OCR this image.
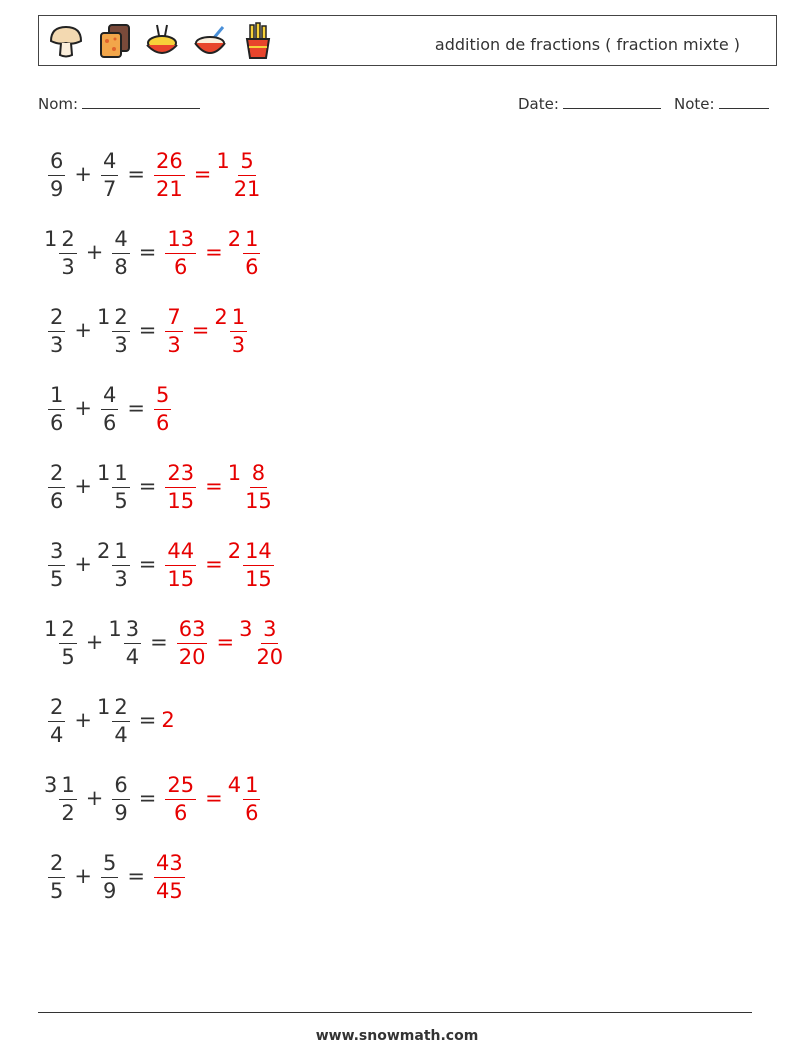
addition de fractions ( fraction mixte )
Nom:	Date:	Note:
$\frac{6}{9} + \frac{4}{7} = \frac{26}{21}$ =
$1 \frac{5}{21}$
$1 \frac{2}{3} + \frac{4}{8} = \frac{13}{6}$ =
$2 \frac{1}{6}$
$\frac{2}{3}$ +
$1 \frac{2}{3} = \frac{7}{3}$ =
$2 \frac{1}{3}$
$\frac{1}{6} + \frac{4}{6} = \frac{5}{6}$
$\frac{2}{6}$ +
$1 \frac{1}{5} = \frac{23}{15}$ =
$1 \frac{8}{15}$
$\frac{3}{5}$ +
$2 \frac{1}{3} = \frac{44}{15}$ =
$2 \frac{14}{15}$
$1 \frac{2}{5}$ +
$1 \frac{3}{4} = \frac{63}{20}$ =
$3 \frac{3}{20}$
$\frac{2}{4}$ +
$1 \frac{2}{4} = 2$
$3 \frac{1}{2} + \frac{6}{9} = \frac{25}{6}$ =
$4 \frac{1}{6}$
$\frac{2}{5} + \frac{5}{9} = \frac{43}{45}$
www.snowmath.com
